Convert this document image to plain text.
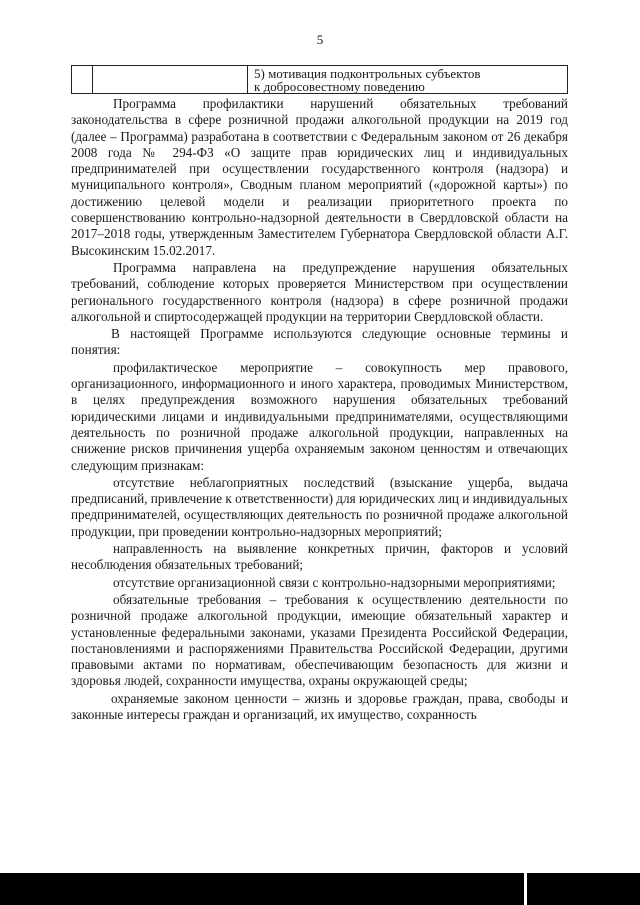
5

5) мотивация подконтрольных субъектов
к добросовестному поведению

Программа профилактики нарушений обязательных требований законодательства в сфере розничной продажи алкогольной продукции на 2019 год (далее – Программа) разработана в соответствии с Федеральным законом от 26 декабря 2008 года № 294-ФЗ «О защите прав юридических лиц и индивидуальных предпринимателей при осуществлении государственного контроля (надзора) и муниципального контроля», Сводным планом мероприятий («дорожной карты») по достижению целевой модели и реализации приоритетного проекта по совершенствованию контрольно-надзорной деятельности в Свердловской области на 2017–2018 годы, утвержденным Заместителем Губернатора Свердловской области А.Г. Высокинским 15.02.2017.

Программа направлена на предупреждение нарушения обязательных требований, соблюдение которых проверяется Министерством при осуществлении регионального государственного контроля (надзора) в сфере розничной продажи алкогольной и спиртосодержащей продукции на территории Свердловской области.

В настоящей Программе используются следующие основные термины и понятия:

профилактическое мероприятие – совокупность мер правового, организационного, информационного и иного характера, проводимых Министерством, в целях предупреждения возможного нарушения обязательных требований юридическими лицами и индивидуальными предпринимателями, осуществляющими деятельность по розничной продаже алкогольной продукции, направленных на снижение рисков причинения ущерба охраняемым законом ценностям и отвечающих следующим признакам:

отсутствие неблагоприятных последствий (взыскание ущерба, выдача предписаний, привлечение к ответственности) для юридических лиц и индивидуальных предпринимателей, осуществляющих деятельность по розничной продаже алкогольной продукции, при проведении контрольно-надзорных мероприятий;

направленность на выявление конкретных причин, факторов и условий несоблюдения обязательных требований;

отсутствие организационной связи с контрольно-надзорными мероприятиями;

обязательные требования – требования к осуществлению деятельности по розничной продаже алкогольной продукции, имеющие обязательный характер и установленные федеральными законами, указами Президента Российской Федерации, постановлениями и распоряжениями Правительства Российской Федерации, другими правовыми актами по нормативам, обеспечивающим безопасность для жизни и здоровья людей, сохранности имущества, охраны окружающей среды;

охраняемые законом ценности – жизнь и здоровье граждан, права, свободы и законные интересы граждан и организаций, их имущество, сохранность
